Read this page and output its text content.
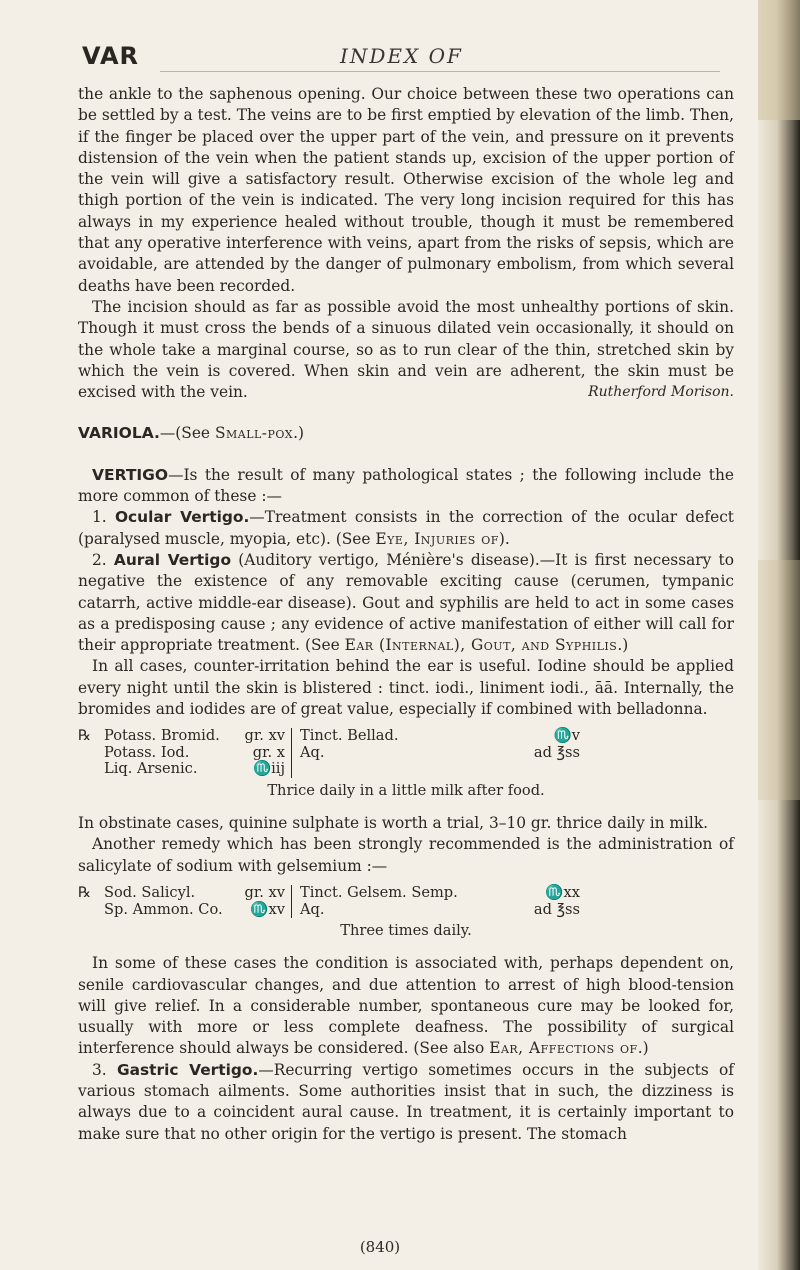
VAR	INDEX OF

the ankle to the saphenous opening. Our choice between these two operations can be settled by a test. The veins are to be first emptied by elevation of the limb. Then, if the finger be placed over the upper part of the vein, and pressure on it prevents distension of the vein when the patient stands up, excision of the upper portion of the vein will give a satisfactory result. Otherwise excision of the whole leg and thigh portion of the vein is indicated. The very long incision required for this has always in my experience healed without trouble, though it must be remembered that any operative interference with veins, apart from the risks of sepsis, which are avoidable, are attended by the danger of pulmonary embolism, from which several deaths have been recorded.

The incision should as far as possible avoid the most unhealthy portions of skin. Though it must cross the bends of a sinuous dilated vein occasionally, it should on the whole take a marginal course, so as to run clear of the thin, stretched skin by which the vein is covered. When skin and vein are adherent, the skin must be excised with the vein.	Rutherford Morison.

VARIOLA.—(See Small-pox.)

VERTIGO—Is the result of many pathological states ; the following include the more common of these :—

1. Ocular Vertigo.—Treatment consists in the correction of the ocular defect (paralysed muscle, myopia, etc). (See Eye, Injuries of).

2. Aural Vertigo (Auditory vertigo, Ménière's disease).—It is first necessary to negative the existence of any removable exciting cause (cerumen, tympanic catarrh, active middle-ear disease). Gout and syphilis are held to act in some cases as a predisposing cause ; any evidence of active manifestation of either will call for their appropriate treatment. (See Ear (Internal), Gout, and Syphilis.)

In all cases, counter-irritation behind the ear is useful. Iodine should be applied every night until the skin is blistered : tinct. iodi., liniment iodi., āā. Internally, the bromides and iodides are of great value, especially if combined with belladonna.

℞ Potass. Bromid.
Potass. Iod.
Liq. Arsenic.
gr. xv
gr. x
♏iij
Tinct. Bellad.
Aq.
♏v
ad ℥ss
Thrice daily in a little milk after food.

In obstinate cases, quinine sulphate is worth a trial, 3–10 gr. thrice daily in milk.

Another remedy which has been strongly recommended is the administration of salicylate of sodium with gelsemium :—

℞ Sod. Salicyl.
Sp. Ammon. Co.
gr. xv
♏xv
Tinct. Gelsem. Semp.
Aq.
♏xx
ad ℥ss
Three times daily.

In some of these cases the condition is associated with, perhaps dependent on, senile cardiovascular changes, and due attention to arrest of high blood-tension will give relief. In a considerable number, spontaneous cure may be looked for, usually with more or less complete deafness. The possibility of surgical interference should always be considered. (See also Ear, Affections of.)

3. Gastric Vertigo.—Recurring vertigo sometimes occurs in the subjects of various stomach ailments. Some authorities insist that in such, the dizziness is always due to a coincident aural cause. In treatment, it is certainly important to make sure that no other origin for the vertigo is present. The stomach

(840)
